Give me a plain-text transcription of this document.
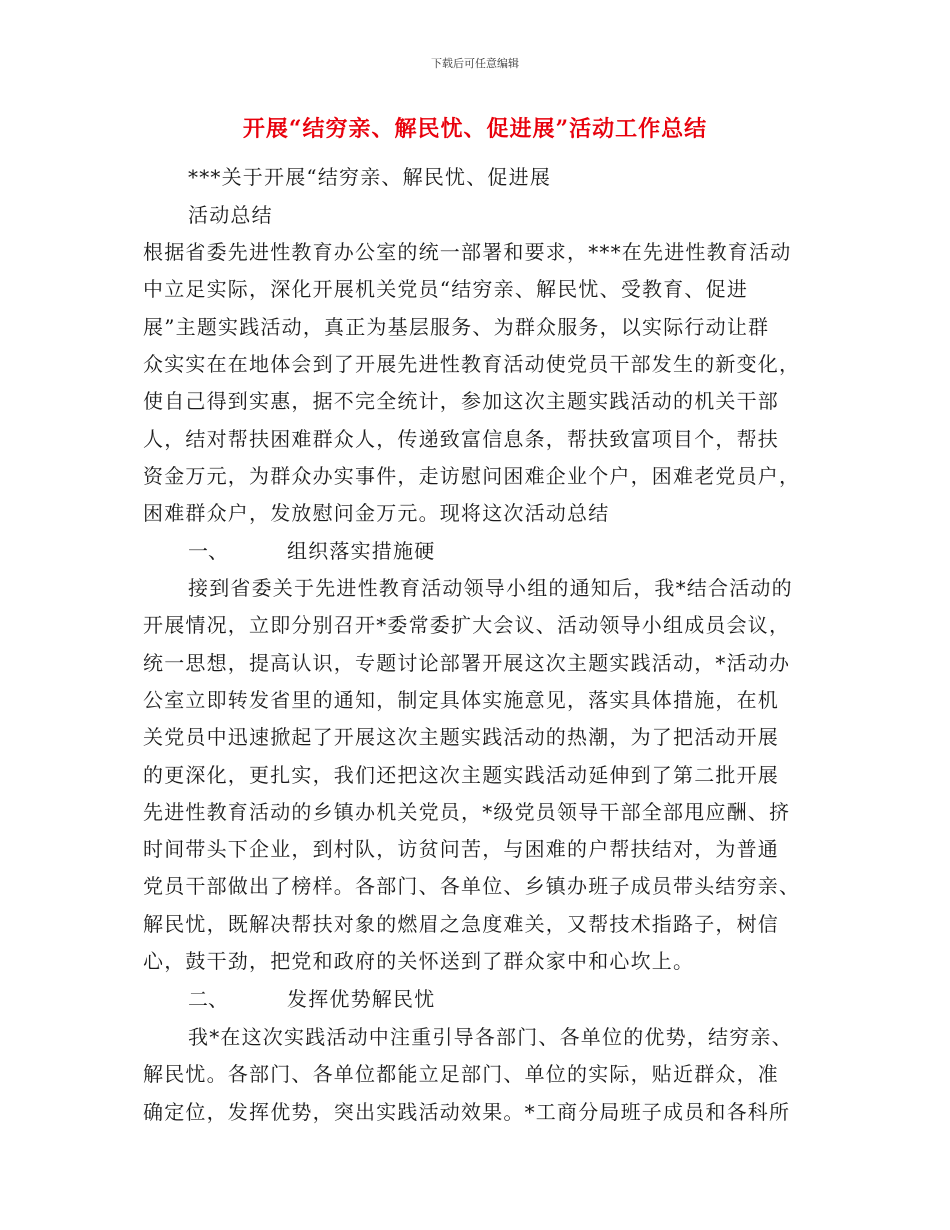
下载后可任意编辑
开展“结穷亲、解民忧、促进展”活动工作总结
***关于开展“结穷亲、解民忧、促进展
活动总结
根据省委先进性教育办公室的统一部署和要求，***在先进性教育活动
中立足实际，深化开展机关党员“结穷亲、解民忧、受教育、促进
展”主题实践活动，真正为基层服务、为群众服务，以实际行动让群
众实实在在地体会到了开展先进性教育活动使党员干部发生的新变化，
使自己得到实惠，据不完全统计，参加这次主题实践活动的机关干部
人，结对帮扶困难群众人，传递致富信息条，帮扶致富项目个，帮扶
资金万元，为群众办实事件，走访慰问困难企业个户，困难老党员户，
困难群众户，发放慰问金万元。现将这次活动总结
一、	组织落实措施硬
接到省委关于先进性教育活动领导小组的通知后，我*结合活动的
开展情况，立即分别召开*委常委扩大会议、活动领导小组成员会议，
统一思想，提高认识，专题讨论部署开展这次主题实践活动，*活动办
公室立即转发省里的通知，制定具体实施意见，落实具体措施，在机
关党员中迅速掀起了开展这次主题实践活动的热潮，为了把活动开展
的更深化，更扎实，我们还把这次主题实践活动延伸到了第二批开展
先进性教育活动的乡镇办机关党员，*级党员领导干部全部甩应酬、挤
时间带头下企业，到村队，访贫问苦，与困难的户帮扶结对，为普通
党员干部做出了榜样。各部门、各单位、乡镇办班子成员带头结穷亲、
解民忧，既解决帮扶对象的燃眉之急度难关，又帮技术指路子，树信
心，鼓干劲，把党和政府的关怀送到了群众家中和心坎上。
二、	发挥优势解民忧
我*在这次实践活动中注重引导各部门、各单位的优势，结穷亲、
解民忧。各部门、各单位都能立足部门、单位的实际，贴近群众，准
确定位，发挥优势，突出实践活动效果。*工商分局班子成员和各科所
